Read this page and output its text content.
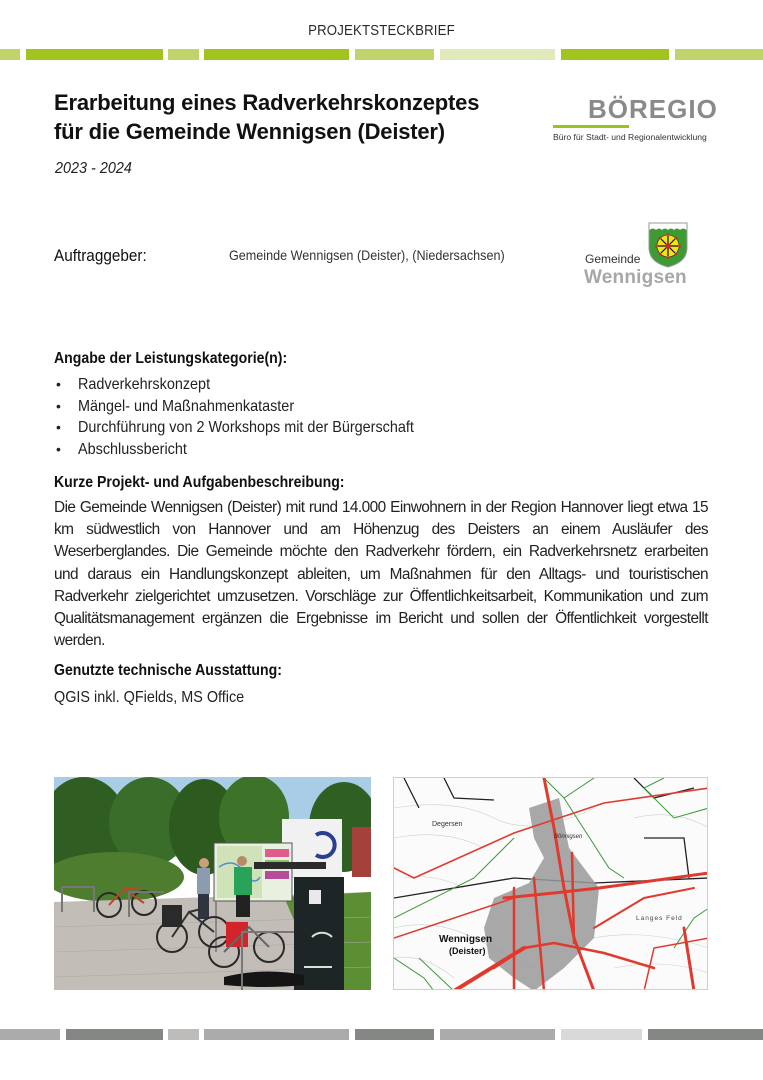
PROJEKTSTECKBRIEF
Erarbeitung eines Radverkehrskonzeptes
für die Gemeinde Wennigsen (Deister)
2023 - 2024
BÖREGIO
Büro für Stadt- und Regionalentwicklung
Auftraggeber:	Gemeinde Wennigsen (Deister), (Niedersachsen)	Gemeinde
Wennigsen
Angabe der Leistungskategorie(n):
• Radverkehrskonzept
• Mängel- und Maßnahmenkataster
• Durchführung von 2 Workshops mit der Bürgerschaft
• Abschlussbericht
Kurze Projekt- und Aufgabenbeschreibung:
Die Gemeinde Wennigsen (Deister) mit rund 14.000 Einwohnern in der Region Hannover liegt etwa 15 km südwestlich von Hannover und am Höhenzug des Deisters an einem Ausläufer des Weserberglandes. Die Gemeinde möchte den Radverkehr fördern, ein Radverkehrsnetz erarbeiten und daraus ein Handlungskonzept ableiten, um Maßnahmen für den Alltags- und touristischen Radverkehr zielgerichtet umzusetzen. Vorschläge zur Öffentlichkeitsarbeit, Kommunikation und zum Qualitätsmanagement ergänzen die Ergebnisse im Bericht und sollen der Öffentlichkeit vorgestellt werden.
Genutzte technische Ausstattung:
QGIS inkl. QFields, MS Office
Degersen
Bönnigsen
Langes Feld
Wennigsen
(Deister)
